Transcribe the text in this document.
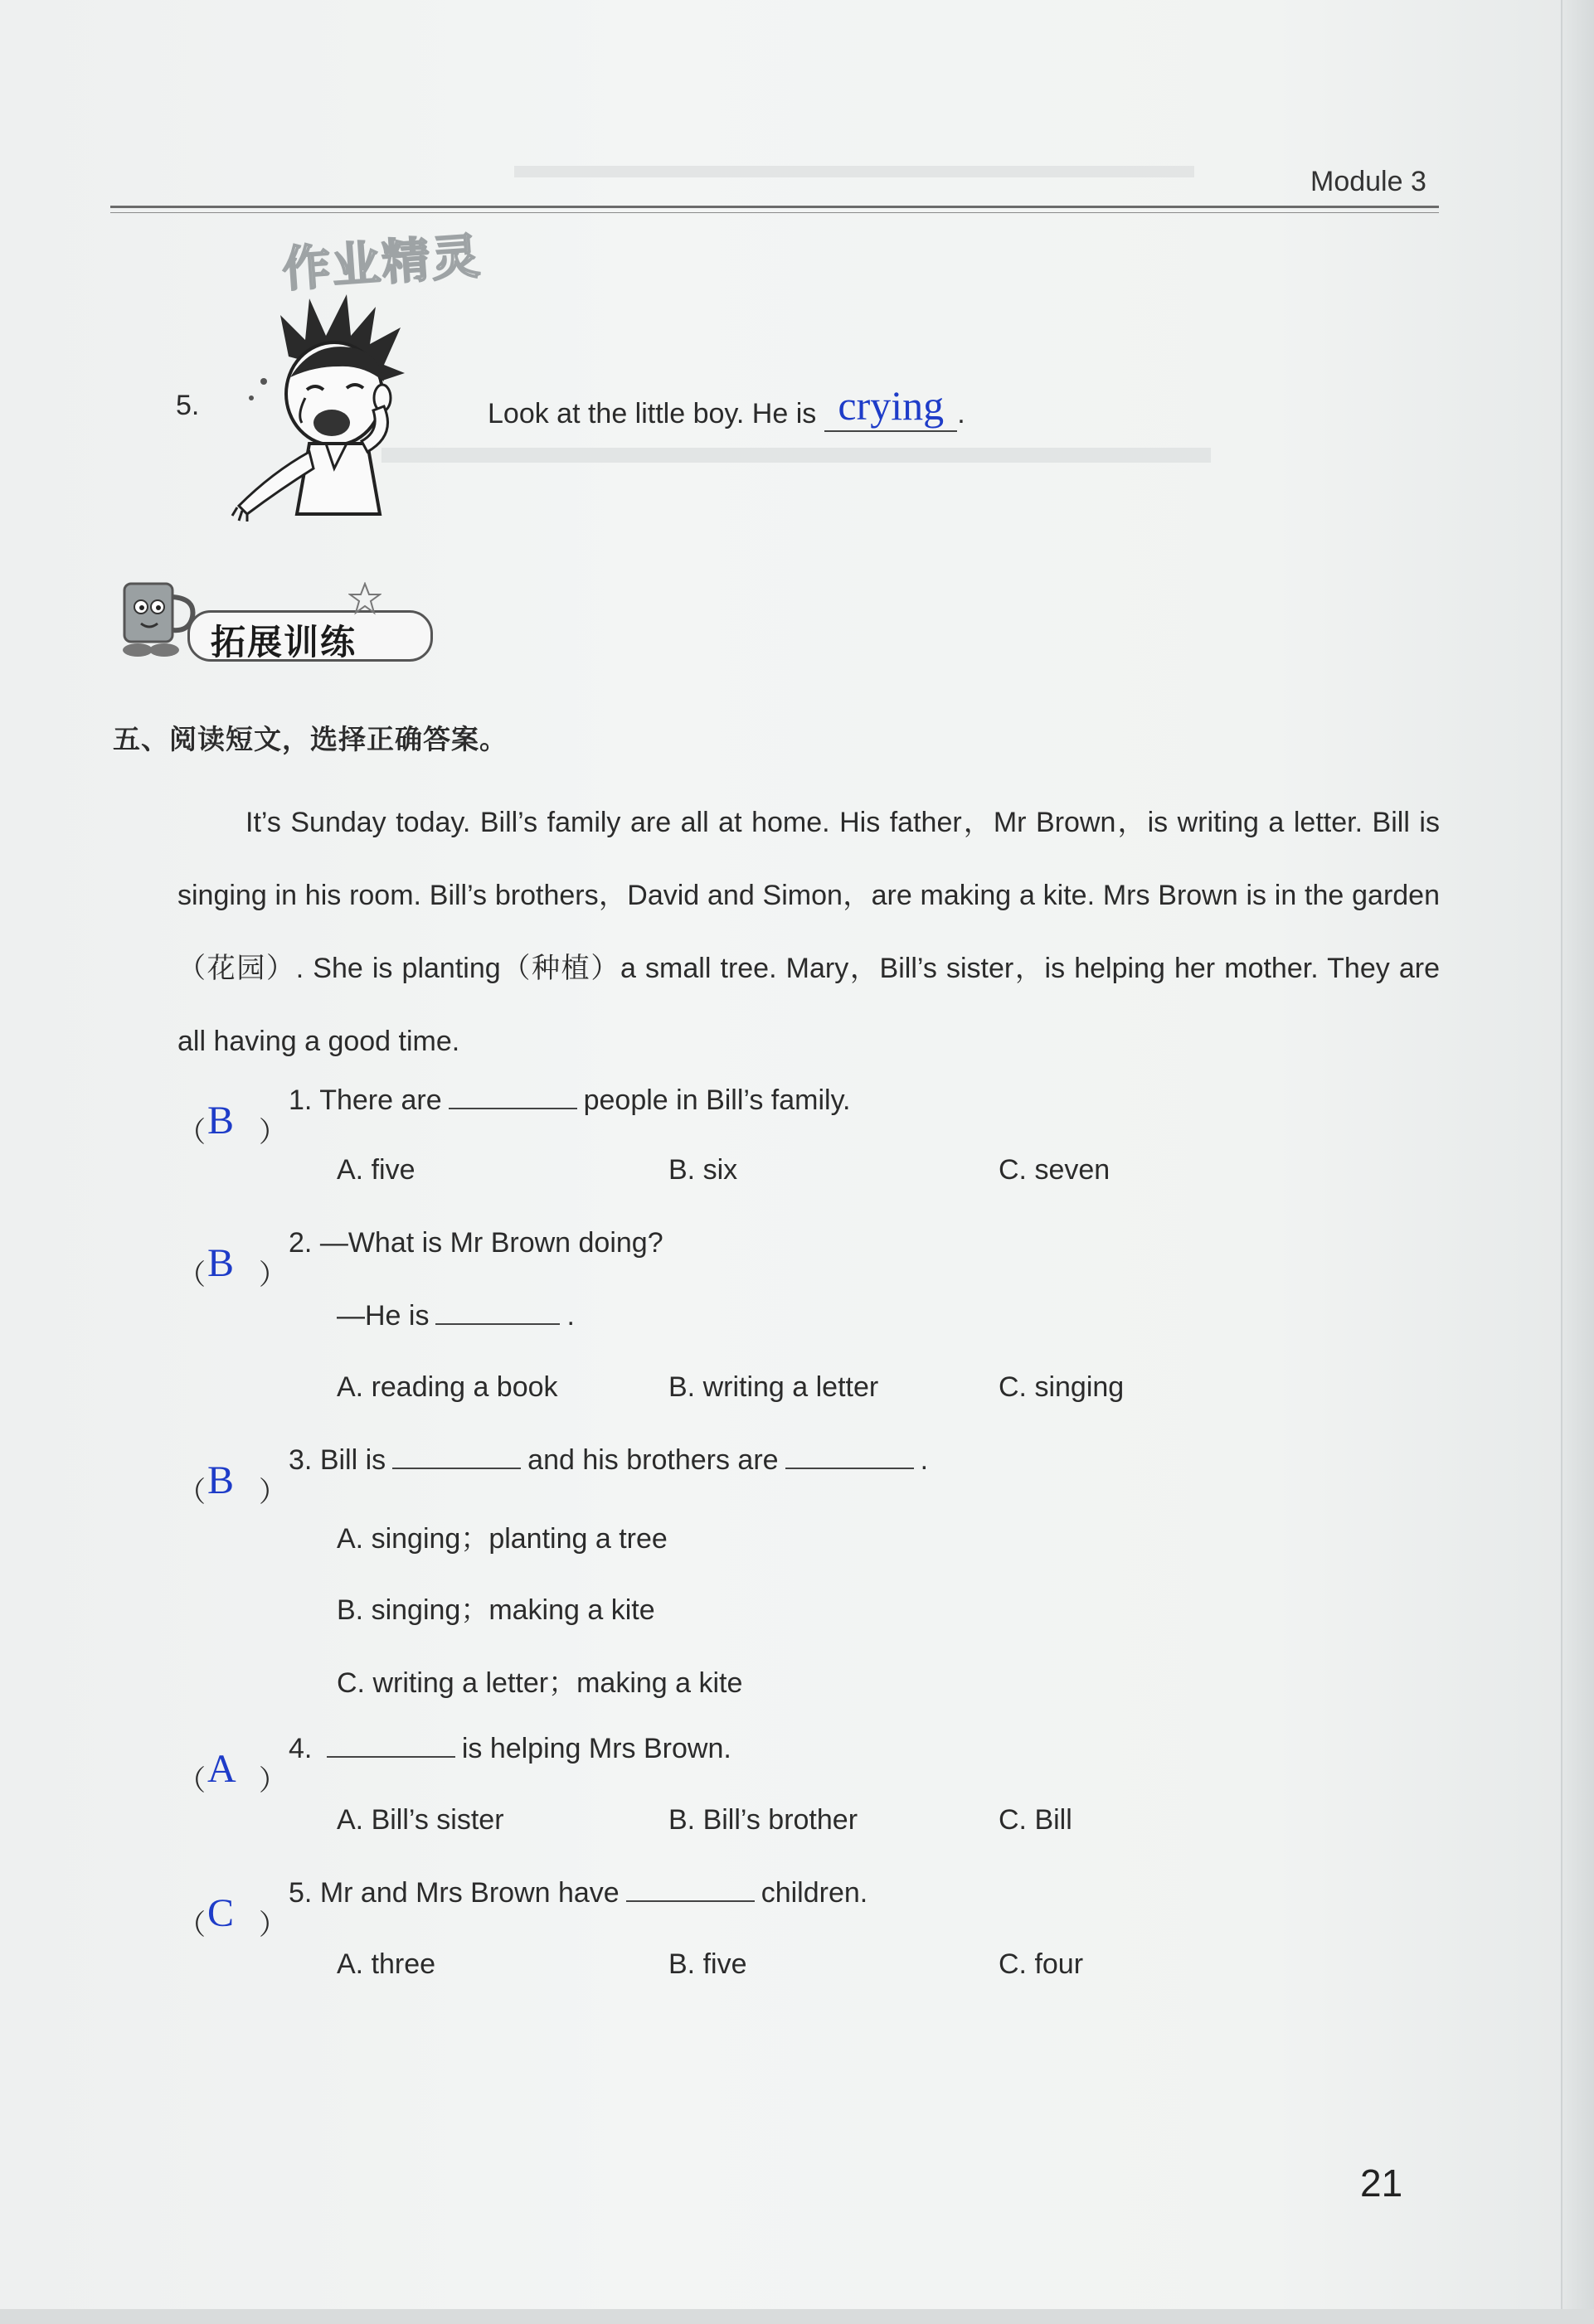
Module 3
作业精灵
5.	Look at the little boy. He is crying .
拓展训练
五、阅读短文，选择正确答案。
It’s Sunday today. Bill’s family are all at home. His father，Mr Brown，is writing a letter. Bill is singing in his room. Bill’s brothers，David and Simon，are making a kite. Mrs Brown is in the garden（花园）. She is planting（种植）a small tree. Mary，Bill’s sister，is helping her mother. They are all having a good time.
（ B ）
1. There are	people in Bill’s family.
A. five	B. six	C. seven
（ B ）
2. —What is Mr Brown doing?
—He is	.
A. reading a book	B. writing a letter	C. singing
（ B ）
3. Bill is	and his brothers are	.
A. singing；planting a tree
B. singing；making a kite
C. writing a letter；making a kite
（ A ）
4.	is helping Mrs Brown.
A. Bill’s sister	B. Bill’s brother	C. Bill
（ C ）
5. Mr and Mrs Brown have	children.
A. three	B. five	C. four
21
